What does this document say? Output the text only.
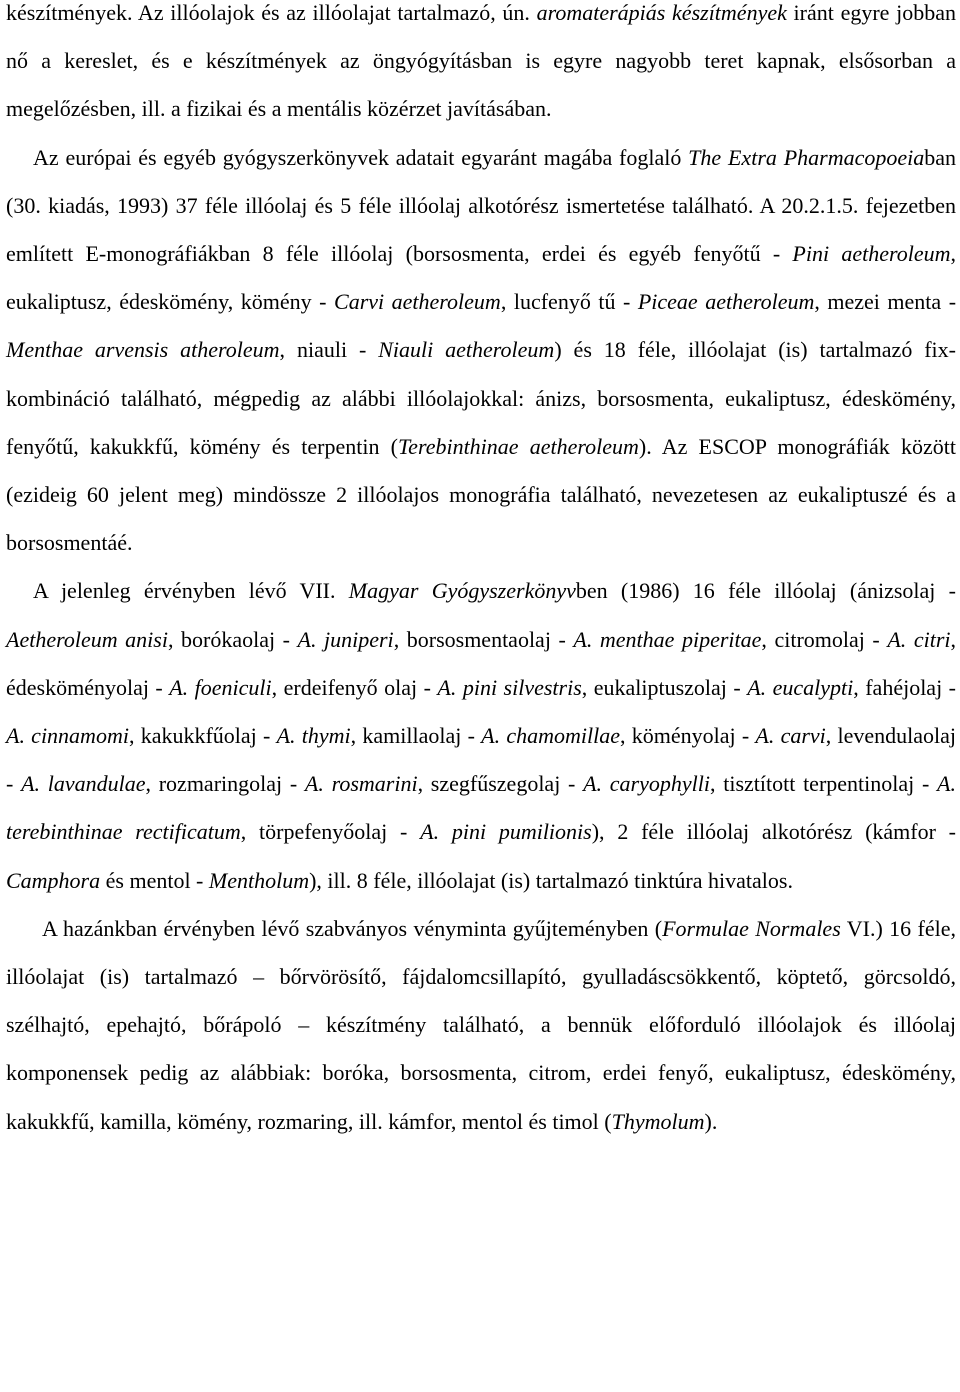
készítmények. Az illóolajok és az illóolajat tartalmazó, ún. aromaterápiás készítmények iránt egyre jobban nő a kereslet, és e készítmények az öngyógyításban is egyre nagyobb teret kapnak, elsősorban a megelőzésben, ill. a fizikai és a mentális közérzet javításában.

Az európai és egyéb gyógyszerkönyvek adatait egyaránt magába foglaló The Extra Pharmacopoeiaban (30. kiadás, 1993) 37 féle illóolaj és 5 féle illóolaj alkotórész ismertetése található. A 20.2.1.5. fejezetben említett E-monográfiákban 8 féle illóolaj (borsosmenta, erdei és egyéb fenyőtű - Pini aetheroleum, eukaliptusz, édeskömény, kömény - Carvi aetheroleum, lucfenyő tű - Piceae aetheroleum, mezei menta - Menthae arvensis atheroleum, niauli - Niauli aetheroleum) és 18 féle, illóolajat (is) tartalmazó fix-kombináció található, mégpedig az alábbi illóolajokkal: ánizs, borsosmenta, eukaliptusz, édeskömény, fenyőtű, kakukkfű, kömény és terpentin (Terebinthinae aetheroleum). Az ESCOP monográfiák között (ezideig 60 jelent meg) mindössze 2 illóolajos monográfia található, nevezetesen az eukaliptuszé és a borsosmentáé.

A jelenleg érvényben lévő VII. Magyar Gyógyszerkönyvben (1986) 16 féle illóolaj (ánizsolaj - Aetheroleum anisi, borókaolaj - A. juniperi, borsosmentaolaj - A. menthae piperitae, citromolaj - A. citri, édesköményolaj - A. foeniculi, erdeifenyő olaj - A. pini silvestris, eukaliptuszolaj - A. eucalypti, fahéjolaj - A. cinnamomi, kakukkfűolaj - A. thymi, kamillaolaj - A. chamomillae, köményolaj - A. carvi, levendulaolaj - A. lavandulae, rozmaringolaj - A. rosmarini, szegfűszegolaj - A. caryophylli, tisztított terpentinolaj - A. terebinthinae rectificatum, törpefenyőolaj - A. pini pumilionis), 2 féle illóolaj alkotórész (kámfor - Camphora és mentol - Mentholum), ill. 8 féle, illóolajat (is) tartalmazó tinktúra hivatalos.

A hazánkban érvényben lévő szabványos vényminta gyűjteményben (Formulae Normales VI.) 16 féle, illóolajat (is) tartalmazó – bőrvörösítő, fájdalomcsillapító, gyulladáscsökkentő, köptető, görcsoldó, szélhajtó, epehajtó, bőrápoló – készítmény található, a bennük előforduló illóolajok és illóolaj komponensek pedig az alábbiak: boróka, borsosmenta, citrom, erdei fenyő, eukaliptusz, édeskömény, kakukkfű, kamilla, kömény, rozmaring, ill. kámfor, mentol és timol (Thymolum).
